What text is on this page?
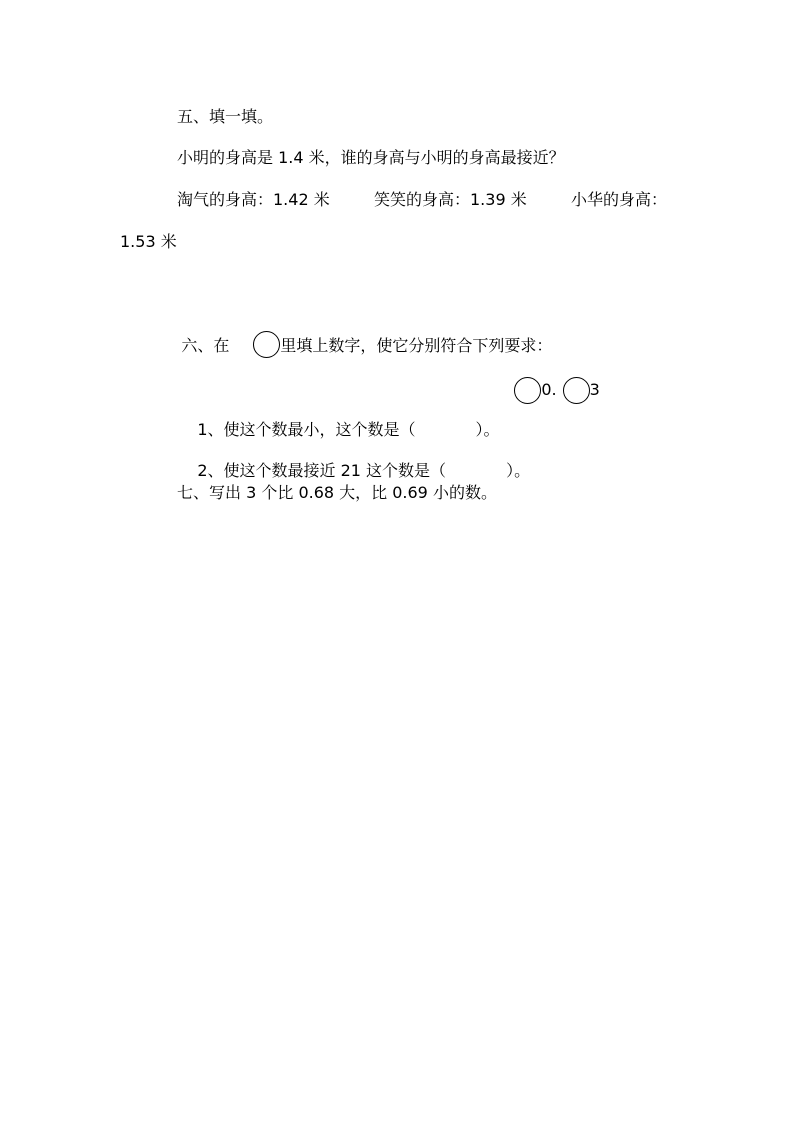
五、填一填。
小明的身高是 1.4 米，谁的身高与小明的身高最接近？
淘气的身高：1.42 米	笑笑的身高：1.39 米	小华的身高：
1.53 米

六、在	里填上数字，使它分别符合下列要求：

0. 3

1、使这个数最小，这个数是（	）。

2、使这个数最接近 21 这个数是（	）。

七、写出 3 个比 0.68 大，比 0.69 小的数。
